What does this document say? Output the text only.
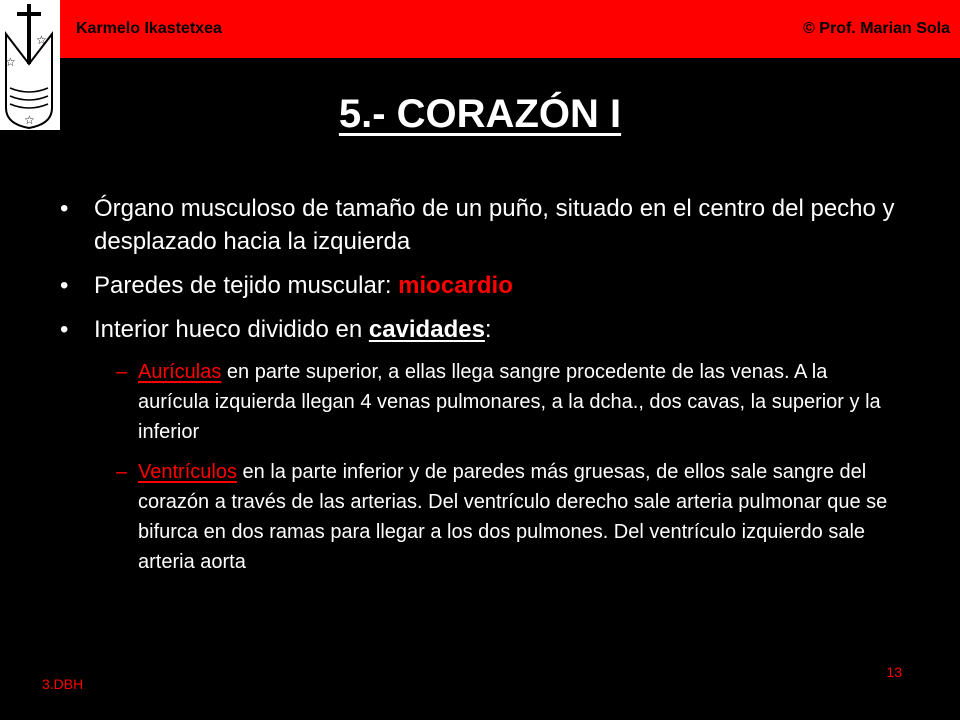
Karmelo Ikastetxea	© Prof. Marian Sola
☆
☆
☆	5.- CORAZÓN I
• Órgano musculoso de tamaño de un puño, situado en el centro del pecho y desplazado hacia la izquierda
• Paredes de tejido muscular: miocardio
• Interior hueco dividido en cavidades:
– Aurículas en parte superior, a ellas llega sangre procedente de las venas. A la aurícula izquierda llegan 4 venas pulmonares, a la dcha., dos cavas, la superior y la inferior
– Ventrículos en la parte inferior y de paredes más gruesas, de ellos sale sangre del corazón a través de las arterias. Del ventrículo derecho sale arteria pulmonar que se bifurca en dos ramas para llegar a los dos pulmones. Del ventrículo izquierdo sale arteria aorta
3.DBH
13
